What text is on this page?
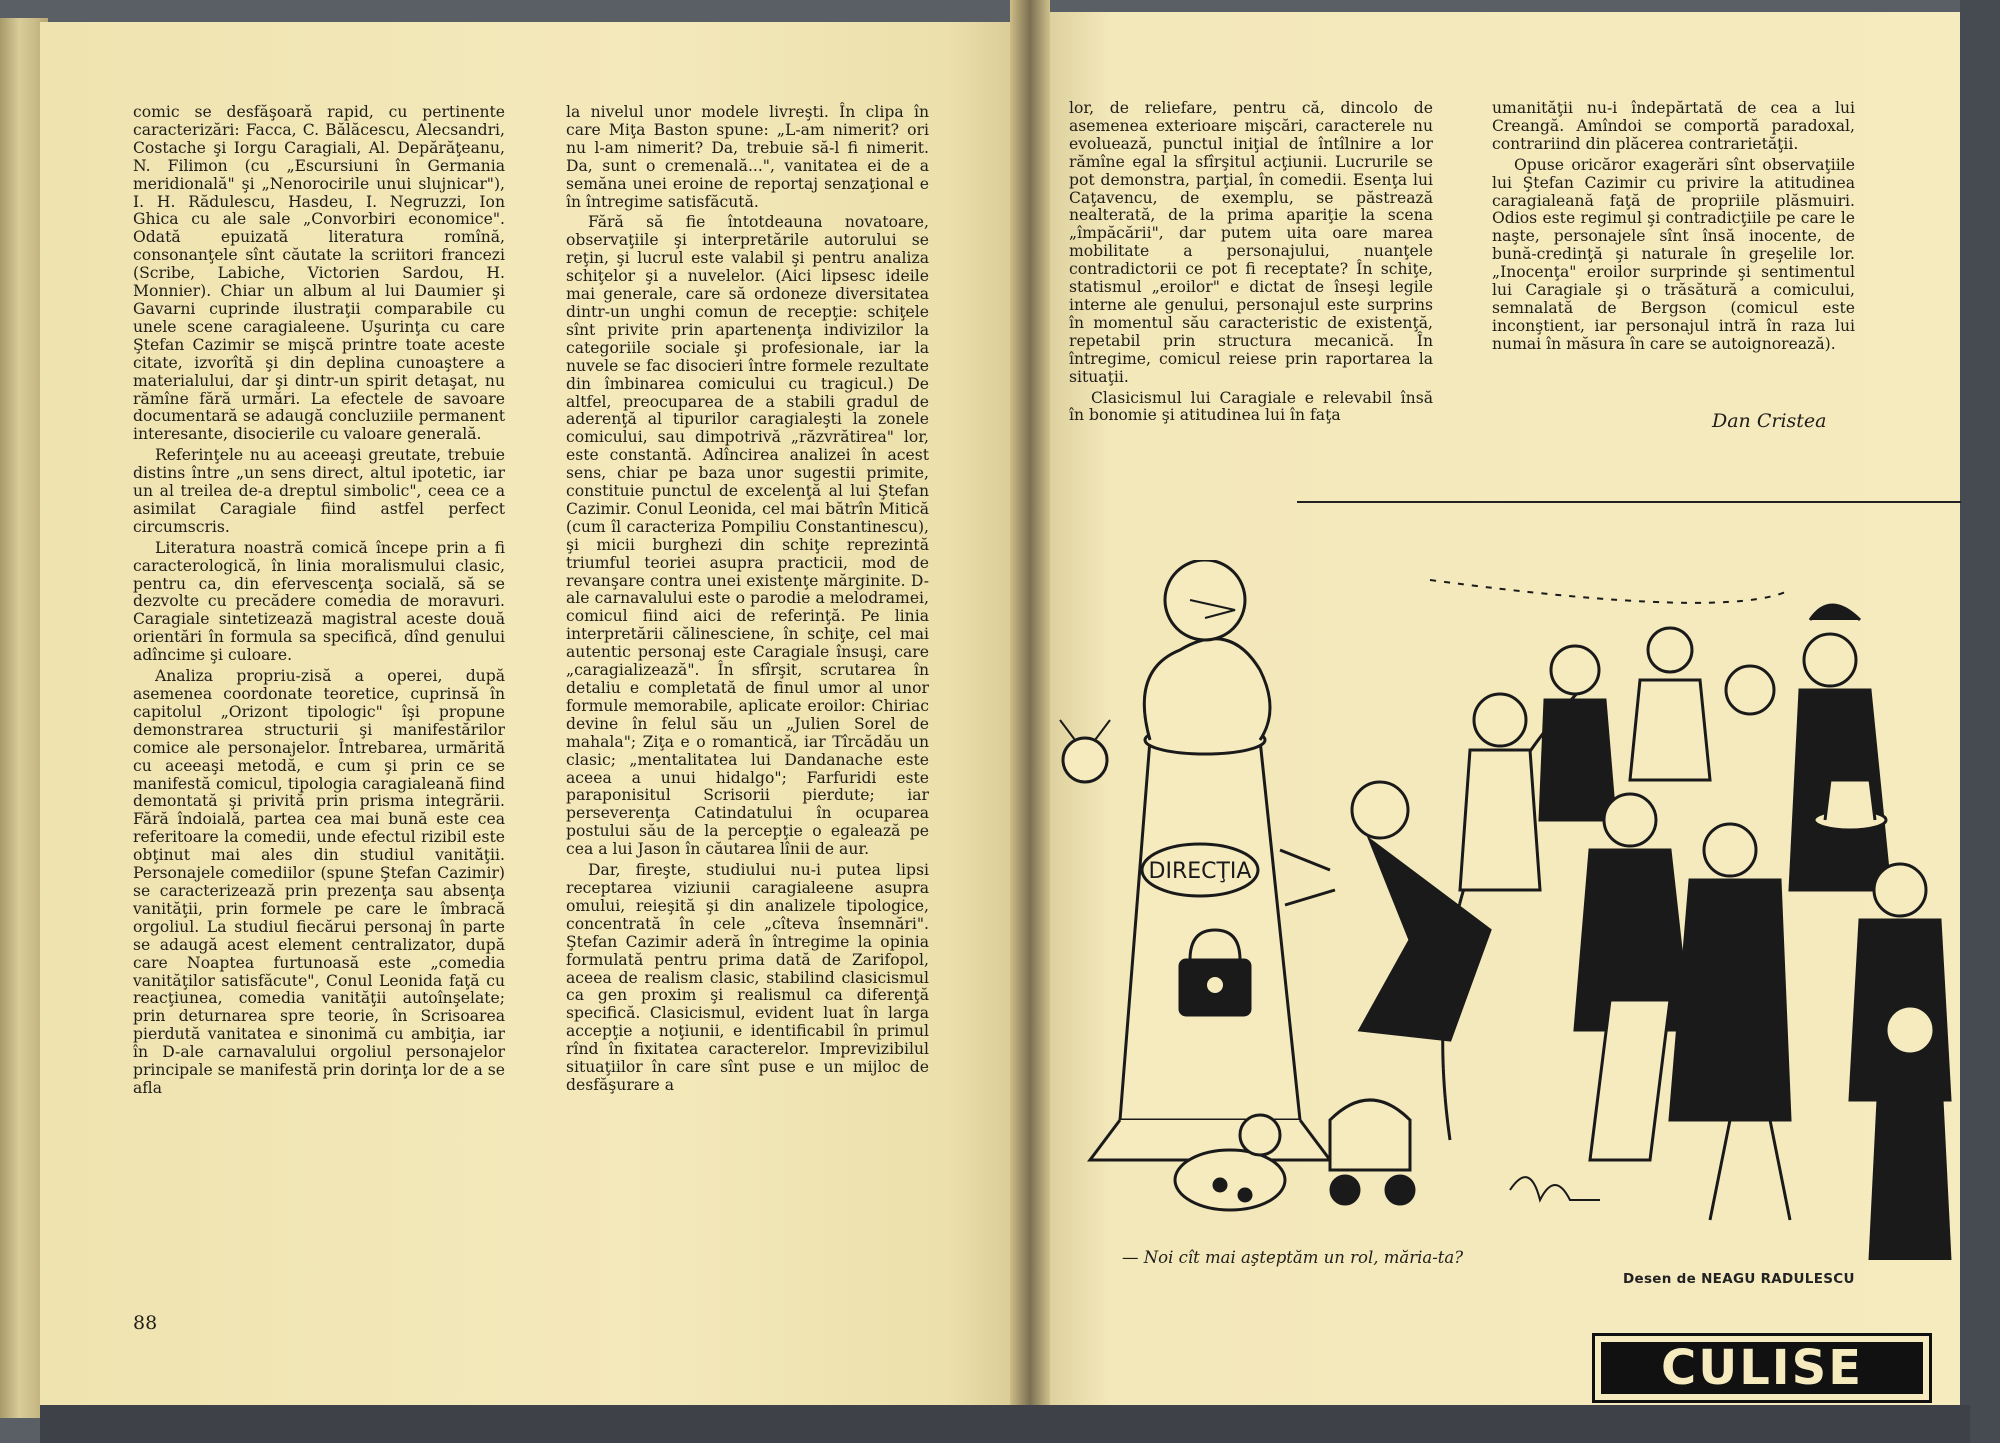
comic se desfăşoară rapid, cu pertinente caracterizări: Facca, C. Bălăcescu, Alecsandri, Costache şi Iorgu Caragiali, Al. Depărăţeanu, N. Filimon (cu „Escursiuni în Germania meridională" şi „Nenorocirile unui slujnicar"), I. H. Rădulescu, Hasdeu, I. Negruzzi, Ion Ghica cu ale sale „Convorbiri economice". Odată epuizată literatura romînă, consonanţele sînt căutate la scriitori francezi (Scribe, Labiche, Victorien Sardou, H. Monnier). Chiar un album al lui Daumier şi Gavarni cuprinde ilustraţii comparabile cu unele scene caragialeene. Uşurinţa cu care Ştefan Cazimir se mişcă printre toate aceste citate, izvorîtă şi din deplina cunoaştere a materialului, dar şi dintr-un spirit detaşat, nu rămîne fără urmări. La efectele de savoare documentară se adaugă concluziile permanent interesante, disocierile cu valoare generală.

Referinţele nu au aceeaşi greutate, trebuie distins între „un sens direct, altul ipotetic, iar un al treilea de-a dreptul simbolic", ceea ce a asimilat Caragiale fiind astfel perfect circumscris.

Literatura noastră comică începe prin a fi caracterologică, în linia moralismului clasic, pentru ca, din efervescenţa socială, să se dezvolte cu precădere comedia de moravuri. Caragiale sintetizează magistral aceste două orientări în formula sa specifică, dînd genului adîncime şi culoare.

Analiza propriu-zisă a operei, după asemenea coordonate teoretice, cuprinsă în capitolul „Orizont tipologic" îşi propune demonstrarea structurii şi manifestărilor comice ale personajelor. Întrebarea, urmărită cu aceeaşi metodă, e cum şi prin ce se manifestă comicul, tipologia caragialeană fiind demontată şi privită prin prisma integrării. Fără îndoială, partea cea mai bună este cea referitoare la comedii, unde efectul rizibil este obţinut mai ales din studiul vanităţii. Personajele comediilor (spune Ştefan Cazimir) se caracterizează prin prezenţa sau absenţa vanităţii, prin formele pe care le îmbracă orgoliul. La studiul fiecărui personaj în parte se adaugă acest element centralizator, după care Noaptea furtunoasă este „comedia vanităţilor satisfăcute", Conul Leonida faţă cu reacţiunea, comedia vanităţii autoînşelate; prin deturnarea spre teorie, în Scrisoarea pierdută vanitatea e sinonimă cu ambiţia, iar în D-ale carnavalului orgoliul personajelor principale se manifestă prin dorinţa lor de a se afla

la nivelul unor modele livreşti. În clipa în care Miţa Baston spune: „L-am nimerit? ori nu l-am nimerit? Da, trebuie să-l fi nimerit. Da, sunt o cremenală...", vanitatea ei de a semăna unei eroine de reportaj senzaţional e în întregime satisfăcută.

Fără să fie întotdeauna novatoare, observaţiile şi interpretările autorului se reţin, şi lucrul este valabil şi pentru analiza schiţelor şi a nuvelelor. (Aici lipsesc ideile mai generale, care să ordoneze diversitatea dintr-un unghi comun de recepţie: schiţele sînt privite prin apartenenţa indivizilor la categoriile sociale şi profesionale, iar la nuvele se fac disocieri între formele rezultate din îmbinarea comicului cu tragicul.) De altfel, preocuparea de a stabili gradul de aderenţă al tipurilor caragialeşti la zonele comicului, sau dimpotrivă „răzvrătirea" lor, este constantă. Adîncirea analizei în acest sens, chiar pe baza unor sugestii primite, constituie punctul de excelenţă al lui Ştefan Cazimir. Conul Leonida, cel mai bătrîn Mitică (cum îl caracteriza Pompiliu Constantinescu), şi micii burghezi din schiţe reprezintă triumful teoriei asupra practicii, mod de revanşare contra unei existenţe mărginite. D-ale carnavalului este o parodie a melodramei, comicul fiind aici de referinţă. Pe linia interpretării călinesciene, în schiţe, cel mai autentic personaj este Caragiale însuşi, care „caragializează". În sfîrşit, scrutarea în detaliu e completată de finul umor al unor formule memorabile, aplicate eroilor: Chiriac devine în felul său un „Julien Sorel de mahala"; Ziţa e o romantică, iar Tîrcădău un clasic; „mentalitatea lui Dandanache este aceea a unui hidalgo"; Farfuridi este paraponisitul Scrisorii pierdute; iar perseverenţa Catindatului în ocuparea postului său de la percepţie o egalează pe cea a lui Jason în căutarea lînii de aur.

Dar, fireşte, studiului nu-i putea lipsi receptarea viziunii caragialeene asupra omului, reieşită şi din analizele tipologice, concentrată în cele „cîteva însemnări". Ştefan Cazimir aderă în întregime la opinia formulată pentru prima dată de Zarifopol, aceea de realism clasic, stabilind clasicismul ca gen proxim şi realismul ca diferenţă specifică. Clasicismul, evident luat în larga accepţie a noţiunii, e identificabil în primul rînd în fixitatea caracterelor. Imprevizibilul situaţiilor în care sînt puse e un mijloc de desfăşurare a

88

lor, de reliefare, pentru că, dincolo de asemenea exterioare mişcări, caracterele nu evoluează, punctul iniţial de întîlnire a lor rămîne egal la sfîrşitul acţiunii. Lucrurile se pot demonstra, parţial, în comedii. Esenţa lui Caţavencu, de exemplu, se păstrează nealterată, de la prima apariţie la scena „împăcării", dar putem uita oare marea mobilitate a personajului, nuanţele contradictorii ce pot fi receptate? În schiţe, statismul „eroilor" e dictat de înseşi legile interne ale genului, personajul este surprins în momentul său caracteristic de existenţă, repetabil prin structura mecanică. În întregime, comicul reiese prin raportarea la situaţii.

Clasicismul lui Caragiale e relevabil însă în bonomie şi atitudinea lui în faţa

umanităţii nu-i îndepărtată de cea a lui Creangă. Amîndoi se comportă paradoxal, contrariind din plăcerea contrarietăţii.

Opuse oricăror exagerări sînt observaţiile lui Ştefan Cazimir cu privire la atitudinea caragialeană faţă de propriile plăsmuiri. Odios este regimul şi contradicţiile pe care le naşte, personajele sînt însă inocente, de bună-credinţă şi naturale în greşelile lor. „Inocenţa" eroilor surprinde şi sentimentul lui Caragiale şi o trăsătură a comicului, semnalată de Bergson (comicul este inconştient, iar personajul intră în raza lui numai în măsura în care se autoignorează).

Dan Cristea
DIRECŢIA
— Noi cît mai aşteptăm un rol, măria-ta?
Desen de NEAGU RADULESCU
CULISE
